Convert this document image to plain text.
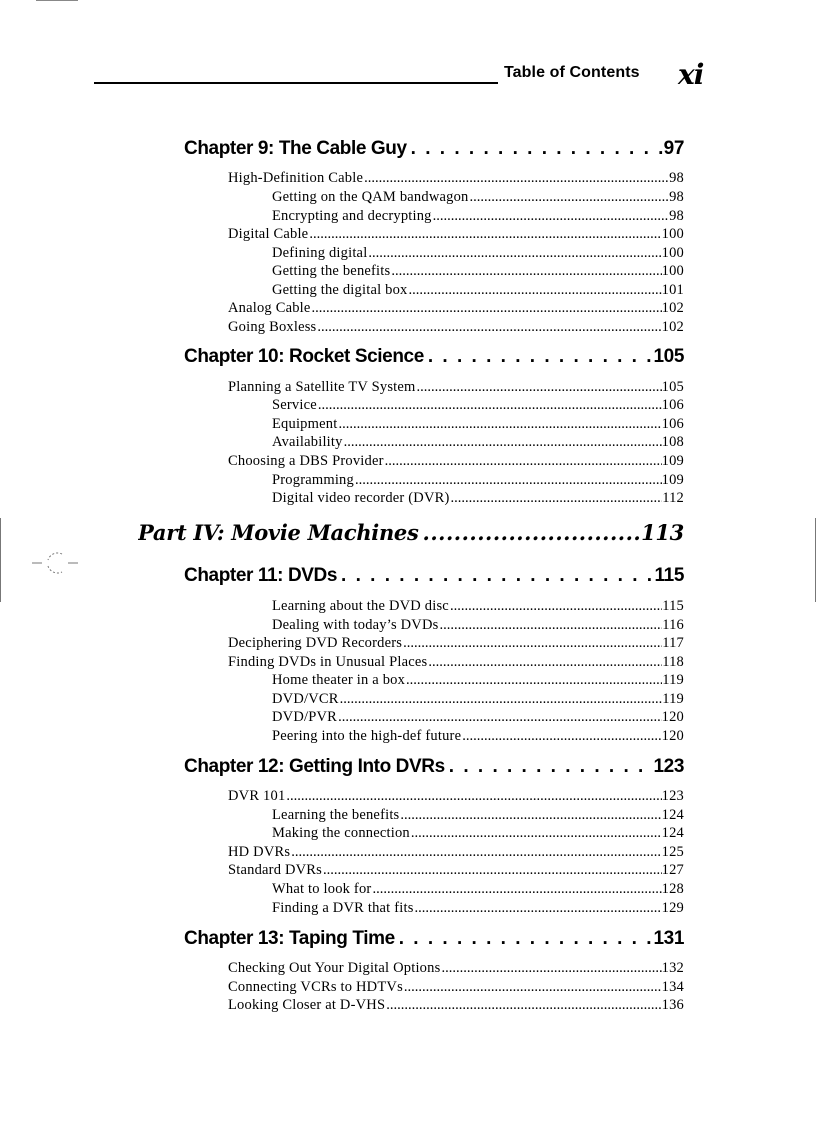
Table of Contents xi
Chapter 9: The Cable Guy . . .	97
High-Definition Cable .....	98
Getting on the QAM bandwagon .....	98
Encrypting and decrypting .....	98
Digital Cable .....	100
Defining digital .....	100
Getting the benefits .....	100
Getting the digital box .....	101
Analog Cable .....	102
Going Boxless .....	102
Chapter 10: Rocket Science . . .	105
Planning a Satellite TV System .....	105
Service .....	106
Equipment .....	106
Availability .....	108
Choosing a DBS Provider .....	109
Programming .....	109
Digital video recorder (DVR) .....	112
Part IV: Movie Machines .....	113
Chapter 11: DVDs . . .	115
Learning about the DVD disc .....	115
Dealing with today’s DVDs .....	116
Deciphering DVD Recorders .....	117
Finding DVDs in Unusual Places .....	118
Home theater in a box .....	119
DVD/VCR .....	119
DVD/PVR .....	120
Peering into the high-def future .....	120
Chapter 12: Getting Into DVRs . . .	123
DVR 101 .....	123
Learning the benefits .....	124
Making the connection .....	124
HD DVRs .....	125
Standard DVRs .....	127
What to look for .....	128
Finding a DVR that fits .....	129
Chapter 13: Taping Time . . .	131
Checking Out Your Digital Options .....	132
Connecting VCRs to HDTVs .....	134
Looking Closer at D-VHS .....	136
